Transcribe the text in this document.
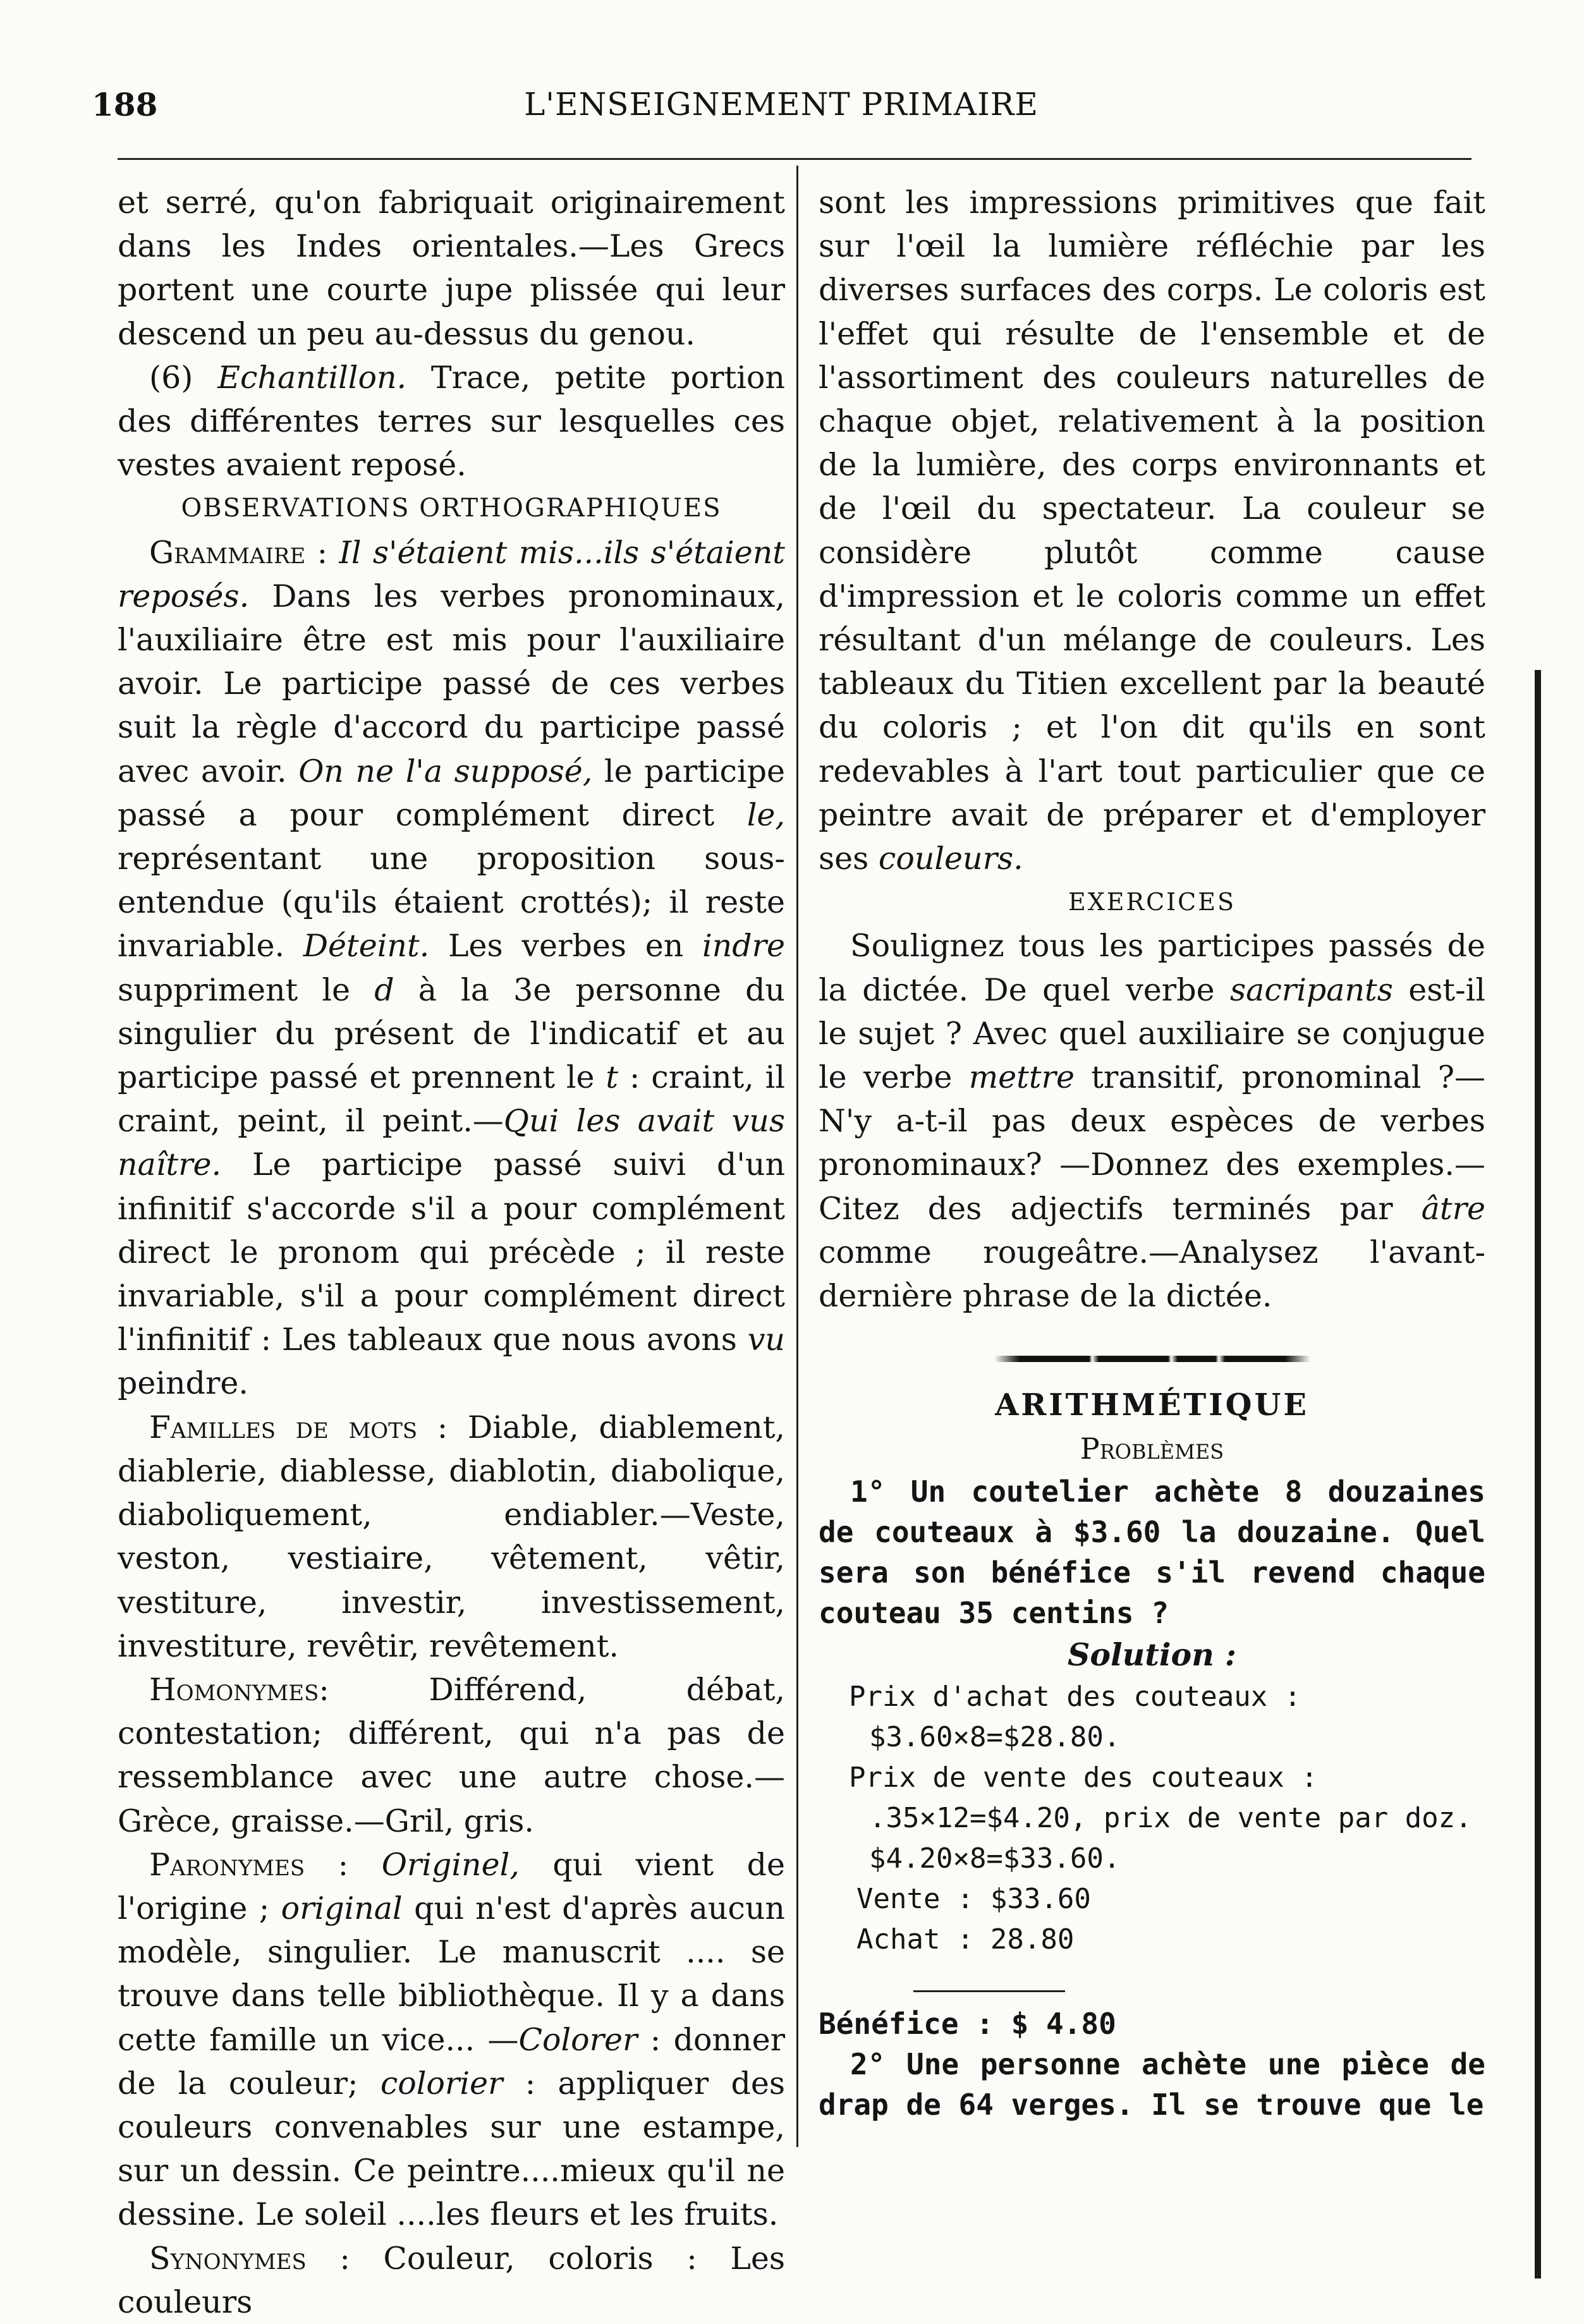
188	L'ENSEIGNEMENT PRIMAIRE

et serré, qu'on fabriquait originairement dans les Indes orientales.—Les Grecs portent une courte jupe plissée qui leur descend un peu au-dessus du genou.

(6) Echantillon. Trace, petite portion des différentes terres sur lesquelles ces vestes avaient reposé.

OBSERVATIONS ORTHOGRAPHIQUES

Grammaire : Il s'étaient mis...ils s'étaient reposés. Dans les verbes pronominaux, l'auxiliaire être est mis pour l'auxiliaire avoir. Le participe passé de ces verbes suit la règle d'accord du participe passé avec avoir. On ne l'a supposé, le participe passé a pour complément direct le, représentant une proposition sous-entendue (qu'ils étaient crottés); il reste invariable. Déteint. Les verbes en indre suppriment le d à la 3e personne du singulier du présent de l'indicatif et au participe passé et prennent le t : craint, il craint, peint, il peint.—Qui les avait vus naître. Le participe passé suivi d'un infinitif s'accorde s'il a pour complément direct le pronom qui précède ; il reste invariable, s'il a pour complément direct l'infinitif : Les tableaux que nous avons vu peindre.

Familles de mots : Diable, diablement, diablerie, diablesse, diablotin, diabolique, diaboliquement, endiabler.—Veste, veston, vestiaire, vêtement, vêtir, vestiture, investir, investissement, investiture, revêtir, revêtement.

Homonymes: Différend, débat, contestation; différent, qui n'a pas de ressemblance avec une autre chose.—Grèce, graisse.—Gril, gris.

Paronymes : Originel, qui vient de l'origine ; original qui n'est d'après aucun modèle, singulier. Le manuscrit .... se trouve dans telle bibliothèque. Il y a dans cette famille un vice... —Colorer : donner de la couleur; colorier : appliquer des couleurs convenables sur une estampe, sur un dessin. Ce peintre....mieux qu'il ne dessine. Le soleil ....les fleurs et les fruits.

Synonymes : Couleur, coloris : Les couleurs

sont les impressions primitives que fait sur l'œil la lumière réfléchie par les diverses surfaces des corps. Le coloris est l'effet qui résulte de l'ensemble et de l'assortiment des couleurs naturelles de chaque objet, relativement à la position de la lumière, des corps environnants et de l'œil du spectateur. La couleur se considère plutôt comme cause d'impression et le coloris comme un effet résultant d'un mélange de couleurs. Les tableaux du Titien excellent par la beauté du coloris ; et l'on dit qu'ils en sont redevables à l'art tout particulier que ce peintre avait de préparer et d'employer ses couleurs.

EXERCICES

Soulignez tous les participes passés de la dictée. De quel verbe sacripants est-il le sujet ? Avec quel auxiliaire se conjugue le verbe mettre transitif, pronominal ?—N'y a-t-il pas deux espèces de verbes pronominaux? —Donnez des exemples.—Citez des adjectifs terminés par âtre comme rougeâtre.—Analysez l'avant-dernière phrase de la dictée.

ARITHMÉTIQUE

Problèmes

1° Un coutelier achète 8 douzaines de couteaux à $3.60 la douzaine. Quel sera son bénéfice s'il revend chaque couteau 35 centins ?

Solution :

Prix d'achat des couteaux :

$3.60×8=$28.80.

Prix de vente des couteaux :

.35×12=$4.20, prix de vente par doz.

$4.20×8=$33.60.

Vente : $33.60

Achat : 28.80

Bénéfice : $ 4.80

2° Une personne achète une pièce de drap de 64 verges. Il se trouve que le
